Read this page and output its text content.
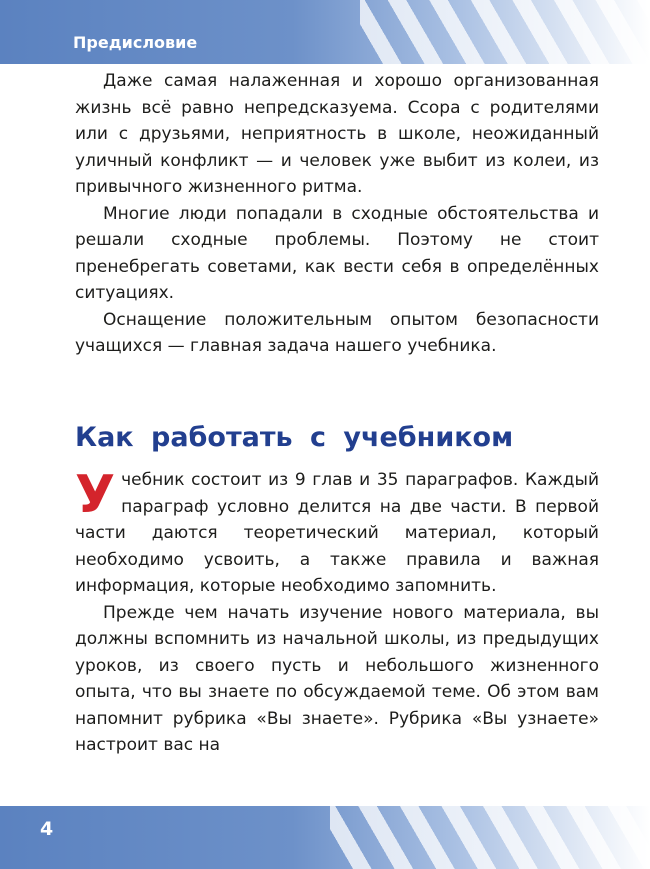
Предисловие

Даже самая налаженная и хорошо организованная жизнь всё равно непредсказуема. Ссора с родителями или с друзьями, неприятность в школе, неожиданный уличный конфликт — и человек уже выбит из колеи, из привычного жизненного ритма.

Многие люди попадали в сходные обстоятельства и решали сходные проблемы. Поэтому не стоит пренебрегать советами, как вести себя в определённых ситуациях.

Оснащение положительным опытом безопасности учащихся — главная задача нашего учебника.

Как работать с учебником

Учебник состоит из 9 глав и 35 параграфов. Каждый параграф условно делится на две части. В первой части даются теоретический материал, который необходимо усвоить, а также правила и важная информация, которые необходимо запомнить.

Прежде чем начать изучение нового материала, вы должны вспомнить из начальной школы, из предыдущих уроков, из своего пусть и небольшого жизненного опыта, что вы знаете по обсуждаемой теме. Об этом вам напомнит рубрика «Вы знаете». Рубрика «Вы узнаете» настроит вас на

4
